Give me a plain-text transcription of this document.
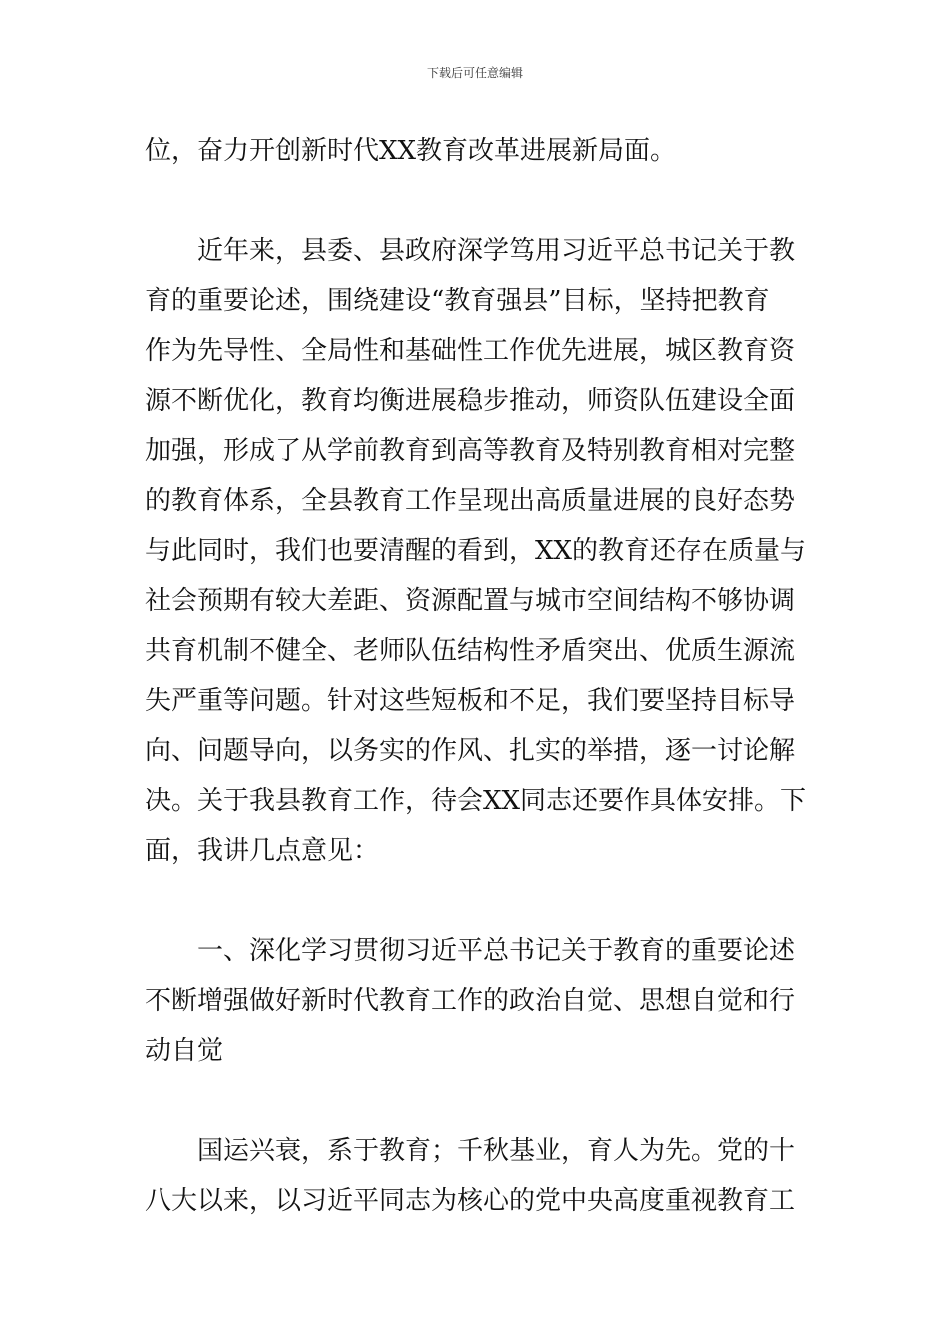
下载后可任意编辑
位，奋力开创新时代XX教育改革进展新局面。
　　近年来，县委、县政府深学笃用习近平总书记关于教
育的重要论述，围绕建设“教育强县”目标，坚持把教育
作为先导性、全局性和基础性工作优先进展，城区教育资
源不断优化，教育均衡进展稳步推动，师资队伍建设全面
加强，形成了从学前教育到高等教育及特别教育相对完整
的教育体系，全县教育工作呈现出高质量进展的良好态势
与此同时，我们也要清醒的看到，XX的教育还存在质量与
社会预期有较大差距、资源配置与城市空间结构不够协调
共育机制不健全、老师队伍结构性矛盾突出、优质生源流
失严重等问题。针对这些短板和不足，我们要坚持目标导
向、问题导向，以务实的作风、扎实的举措，逐一讨论解
决。关于我县教育工作，待会XX同志还要作具体安排。下
面，我讲几点意见：
　　一、深化学习贯彻习近平总书记关于教育的重要论述
不断增强做好新时代教育工作的政治自觉、思想自觉和行
动自觉
　　国运兴衰，系于教育；千秋基业，育人为先。党的十
八大以来，以习近平同志为核心的党中央高度重视教育工
